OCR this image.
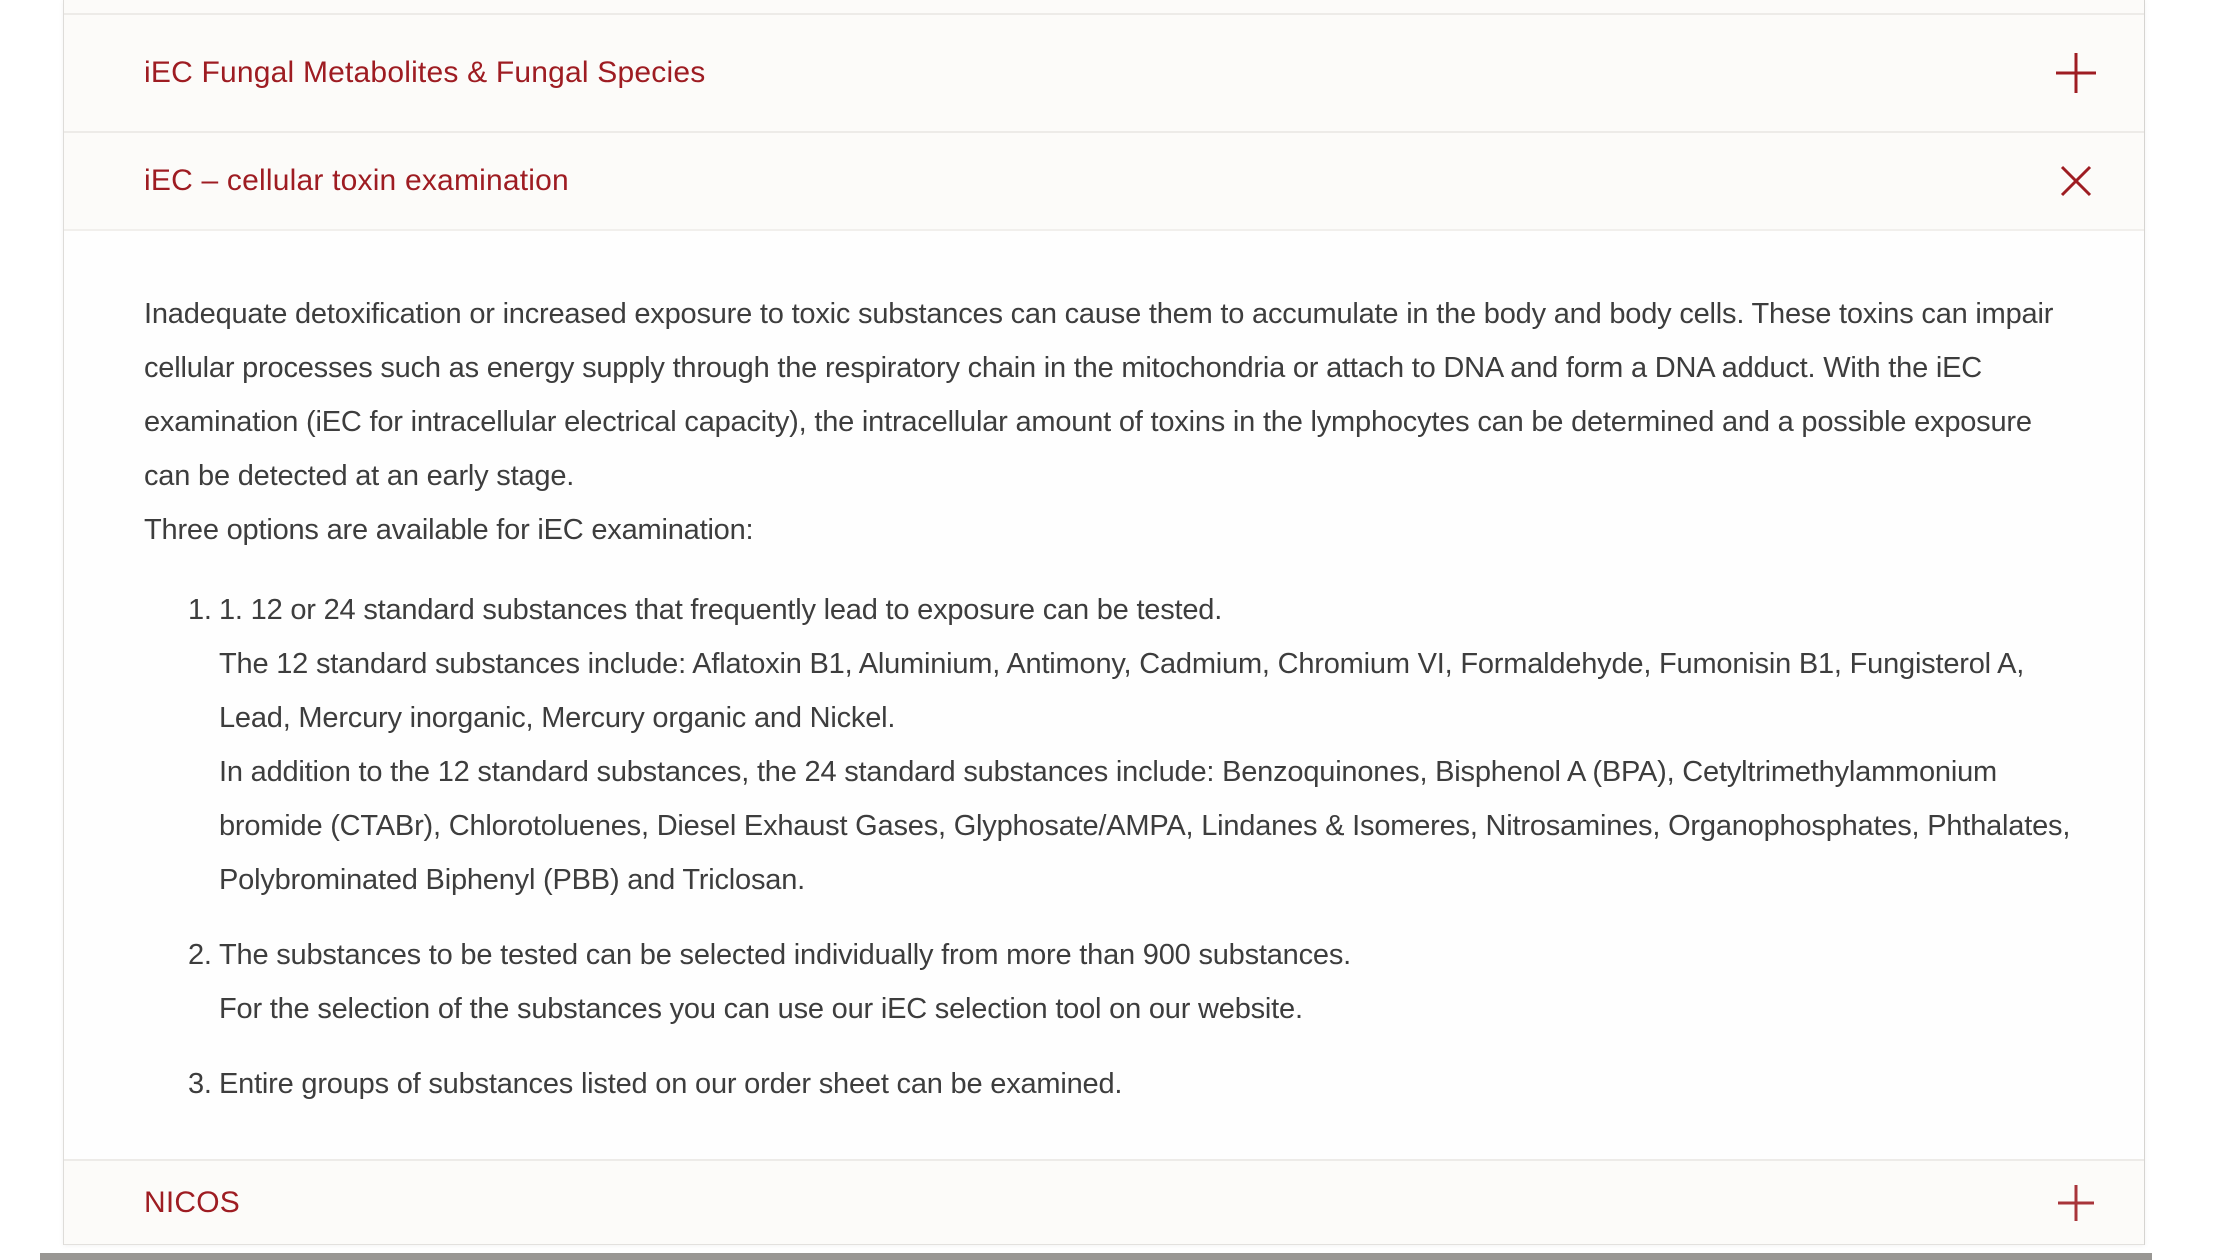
iEC Fungal Metabolites & Fungal Species
iEC – cellular toxin examination
Inadequate detoxification or increased exposure to toxic substances can cause them to accumulate in the body and body cells. These toxins can impair cellular processes such as energy supply through the respiratory chain in the mitochondria or attach to DNA and form a DNA adduct. With the iEC examination (iEC for intracellular electrical capacity), the intracellular amount of toxins in the lymphocytes can be determined and a possible exposure can be detected at an early stage.
Three options are available for iEC examination:
1. 1. 12 or 24 standard substances that frequently lead to exposure can be tested.
The 12 standard substances include: Aflatoxin B1, Aluminium, Antimony, Cadmium, Chromium VI, Formaldehyde, Fumonisin B1, Fungisterol A, Lead, Mercury inorganic, Mercury organic and Nickel.
In addition to the 12 standard substances, the 24 standard substances include: Benzoquinones, Bisphenol A (BPA), Cetyltrimethylammonium bromide (CTABr), Chlorotoluenes, Diesel Exhaust Gases, Glyphosate/AMPA, Lindanes & Isomeres, Nitrosamines, Organophosphates, Phthalates, Polybrominated Biphenyl (PBB) and Triclosan.
2. The substances to be tested can be selected individually from more than 900 substances.
For the selection of the substances you can use our iEC selection tool on our website.
3. Entire groups of substances listed on our order sheet can be examined.
NICOS
